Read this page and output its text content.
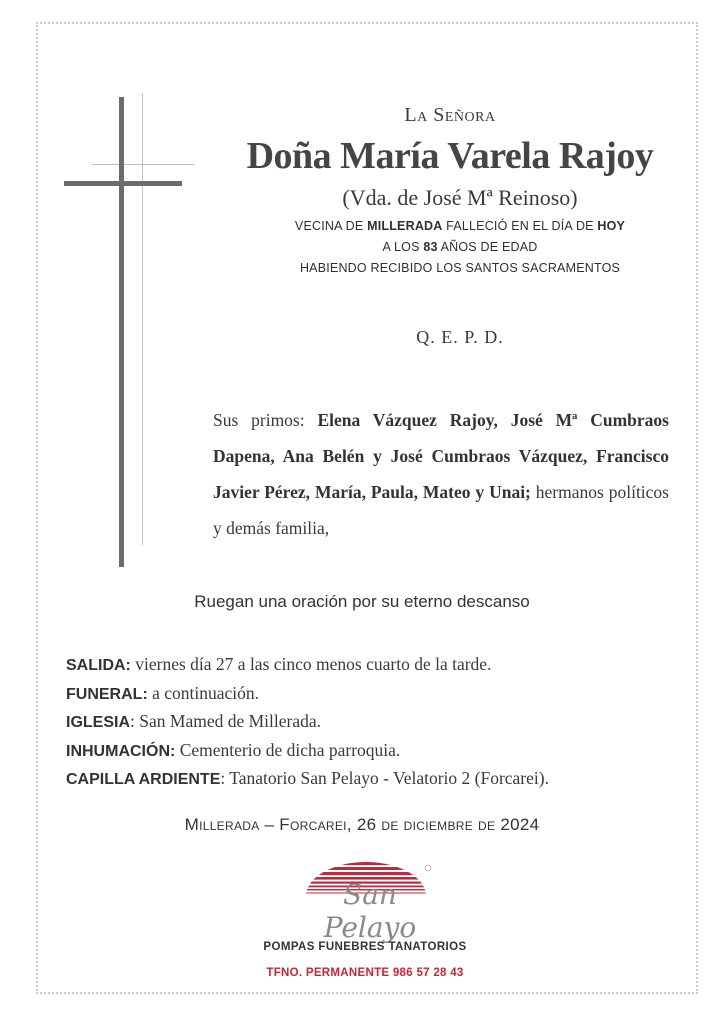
La Señora
Doña María Varela Rajoy
(Vda. de José Mª Reinoso)
VECINA DE MILLERADA FALLECIÓ EN EL DÍA DE HOY
A LOS 83 AÑOS DE EDAD
HABIENDO RECIBIDO LOS SANTOS SACRAMENTOS
Q. E. P. D.
Sus primos: Elena Vázquez Rajoy, José Mª Cumbraos Dapena, Ana Belén y José Cumbraos Vázquez, Francisco Javier Pérez, María, Paula, Mateo y Unai; hermanos políticos y demás familia,
Ruegan una oración por su eterno descanso
SALIDA: viernes día 27 a las cinco menos cuarto de la tarde.
FUNERAL: a continuación.
IGLESIA: San Mamed de Millerada.
INHUMACIÓN: Cementerio de dicha parroquia.
CAPILLA ARDIENTE: Tanatorio San Pelayo - Velatorio 2 (Forcarei).
Millerada – Forcarei, 26 de diciembre de 2024
San Pelayo
POMPAS FUNEBRES TANATORIOS
TFNO. PERMANENTE 986 57 28 43
